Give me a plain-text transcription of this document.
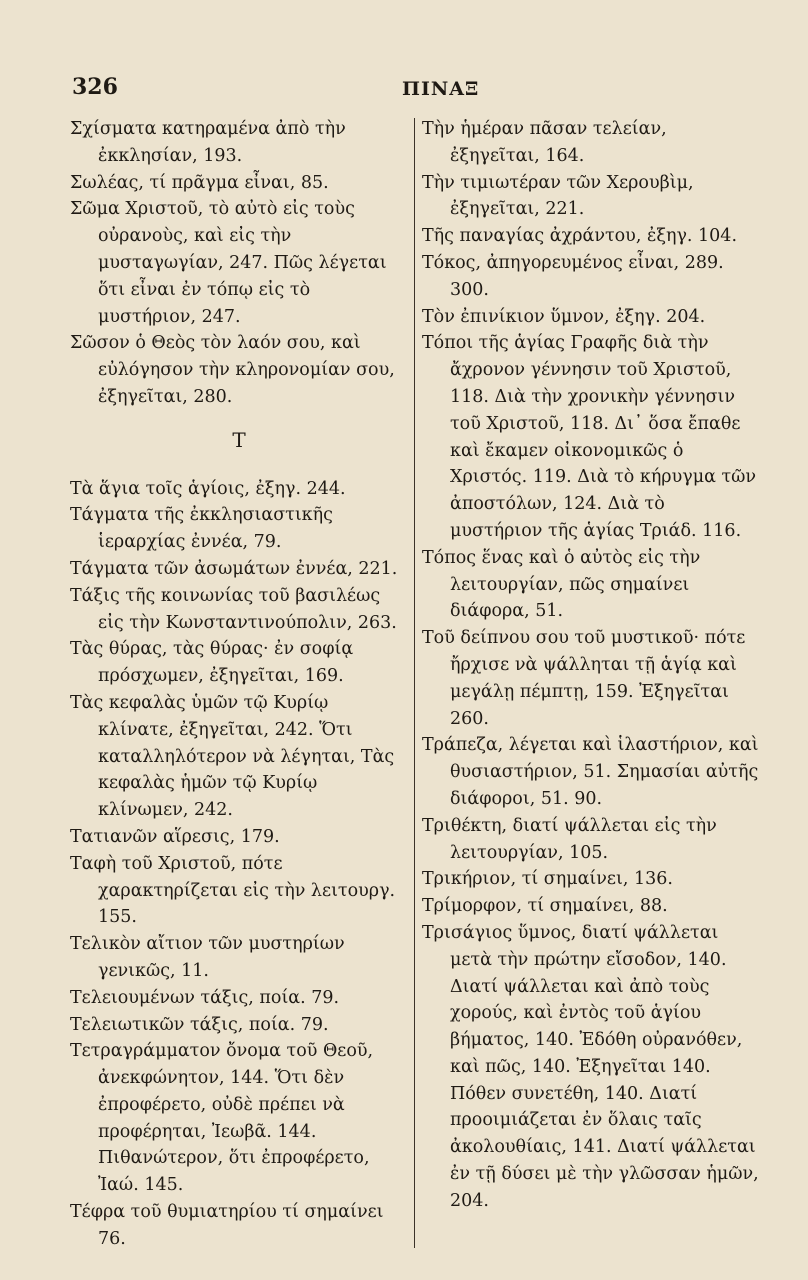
326	ΠΙΝΑΞ

Σχίσματα κατηραμένα ἀπὸ τὴν ἐκκλησίαν, 193.

Σωλέας, τί πρᾶγμα εἶναι, 85.

Σῶμα Χριστοῦ, τὸ αὐτὸ εἰς τοὺς οὐρανοὺς, καὶ εἰς τὴν μυσταγωγίαν, 247. Πῶς λέγεται ὅτι εἶναι ἐν τόπῳ εἰς τὸ μυστήριον, 247.

Σῶσον ὁ Θεὸς τὸν λαόν σου, καὶ εὐλόγησον τὴν κληρονομίαν σου, ἐξηγεῖται, 280.

Τ

Τὰ ἅγια τοῖς ἁγίοις, ἐξηγ. 244.

Τάγματα τῆς ἐκκλησιαστικῆς ἱεραρχίας ἐννέα, 79.

Τάγματα τῶν ἀσωμάτων ἐννέα, 221.

Τάξις τῆς κοινωνίας τοῦ βασιλέως εἰς τὴν Κωνσταντινούπολιν, 263.

Τὰς θύρας, τὰς θύρας· ἐν σοφίᾳ πρόσχωμεν, ἐξηγεῖται, 169.

Τὰς κεφαλὰς ὑμῶν τῷ Κυρίῳ κλίνατε, ἐξηγεῖται, 242. Ὅτι καταλληλότερον νὰ λέγηται, Τὰς κεφαλὰς ἡμῶν τῷ Κυρίῳ κλίνωμεν, 242.

Τατιανῶν αἵρεσις, 179.

Ταφὴ τοῦ Χριστοῦ, πότε χαρακτηρίζεται εἰς τὴν λειτουργ. 155.

Τελικὸν αἴτιον τῶν μυστηρίων γενικῶς, 11.

Τελειουμένων τάξις, ποία. 79.

Τελειωτικῶν τάξις, ποία. 79.

Τετραγράμματον ὄνομα τοῦ Θεοῦ, ἀνεκφώνητον, 144. Ὅτι δὲν ἐπροφέρετο, οὐδὲ πρέπει νὰ προφέρηται, Ἰεωβᾶ. 144. Πιθανώτερον, ὅτι ἐπροφέρετο, Ἰαώ. 145.

Τέφρα τοῦ θυμιατηρίου τί σημαίνει 76.

Τὴν ἡμέραν πᾶσαν τελείαν, ἐξηγεῖται, 164.

Τὴν τιμιωτέραν τῶν Χερουβὶμ, ἐξηγεῖται, 221.

Τῆς παναγίας ἀχράντου, ἐξηγ. 104.

Τόκος, ἀπηγορευμένος εἶναι, 289. 300.

Τὸν ἐπινίκιον ὕμνον, ἐξηγ. 204.

Τόποι τῆς ἁγίας Γραφῆς διὰ τὴν ἄχρονον γέννησιν τοῦ Χριστοῦ, 118. Διὰ τὴν χρονικὴν γέννησιν τοῦ Χριστοῦ, 118. Δι᾽ ὅσα ἔπαθε καὶ ἔκαμεν οἰκονομικῶς ὁ Χριστός. 119. Διὰ τὸ κήρυγμα τῶν ἀποστόλων, 124. Διὰ τὸ μυστήριον τῆς ἁγίας Τριάδ. 116.

Τόπος ἕνας καὶ ὁ αὐτὸς εἰς τὴν λειτουργίαν, πῶς σημαίνει διάφορα, 51.

Τοῦ δείπνου σου τοῦ μυστικοῦ· πότε ἤρχισε νὰ ψάλληται τῇ ἁγίᾳ καὶ μεγάλῃ πέμπτῃ, 159. Ἐξηγεῖται 260.

Τράπεζα, λέγεται καὶ ἱλαστήριον, καὶ θυσιαστήριον, 51. Σημασίαι αὐτῆς διάφοροι, 51. 90.

Τριθέκτη, διατί ψάλλεται εἰς τὴν λειτουργίαν, 105.

Τρικήριον, τί σημαίνει, 136.

Τρίμορφον, τί σημαίνει, 88.

Τρισάγιος ὕμνος, διατί ψάλλεται μετὰ τὴν πρώτην εἴσοδον, 140. Διατί ψάλλεται καὶ ἀπὸ τοὺς χορούς, καὶ ἐντὸς τοῦ ἁγίου βήματος, 140. Ἐδόθη οὐρανόθεν, καὶ πῶς, 140. Ἐξηγεῖται 140. Πόθεν συνετέθη, 140. Διατί προοιμιάζεται ἐν ὅλαις ταῖς ἀκολουθίαις, 141. Διατί ψάλλεται ἐν τῇ δύσει μὲ τὴν γλῶσσαν ἡμῶν, 204.
